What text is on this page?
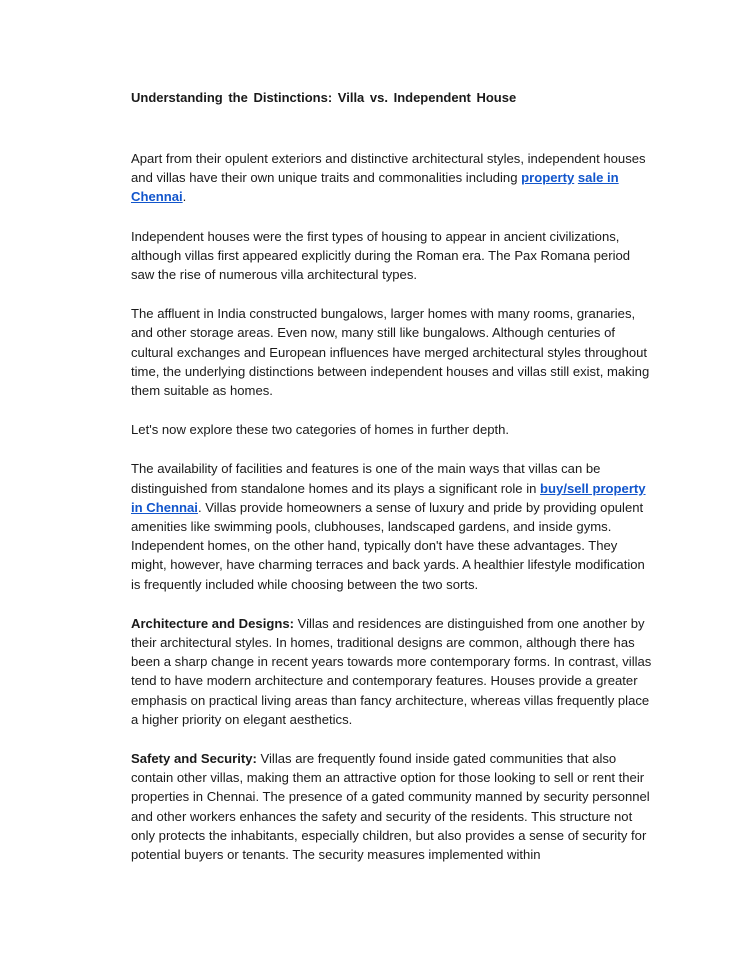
Understanding the Distinctions: Villa vs. Independent House

Apart from their opulent exteriors and distinctive architectural styles, independent houses and villas have their own unique traits and commonalities including property sale in Chennai.

Independent houses were the first types of housing to appear in ancient civilizations, although villas first appeared explicitly during the Roman era. The Pax Romana period saw the rise of numerous villa architectural types.

The affluent in India constructed bungalows, larger homes with many rooms, granaries, and other storage areas. Even now, many still like bungalows. Although centuries of cultural exchanges and European influences have merged architectural styles throughout time, the underlying distinctions between independent houses and villas still exist, making them suitable as homes.

Let's now explore these two categories of homes in further depth.

The availability of facilities and features is one of the main ways that villas can be distinguished from standalone homes and its plays a significant role in buy/sell property in Chennai. Villas provide homeowners a sense of luxury and pride by providing opulent amenities like swimming pools, clubhouses, landscaped gardens, and inside gyms. Independent homes, on the other hand, typically don't have these advantages. They might, however, have charming terraces and back yards. A healthier lifestyle modification is frequently included while choosing between the two sorts.

Architecture and Designs: Villas and residences are distinguished from one another by their architectural styles. In homes, traditional designs are common, although there has been a sharp change in recent years towards more contemporary forms. In contrast, villas tend to have modern architecture and contemporary features. Houses provide a greater emphasis on practical living areas than fancy architecture, whereas villas frequently place a higher priority on elegant aesthetics.

Safety and Security: Villas are frequently found inside gated communities that also contain other villas, making them an attractive option for those looking to sell or rent their properties in Chennai. The presence of a gated community manned by security personnel and other workers enhances the safety and security of the residents. This structure not only protects the inhabitants, especially children, but also provides a sense of security for potential buyers or tenants. The security measures implemented within
